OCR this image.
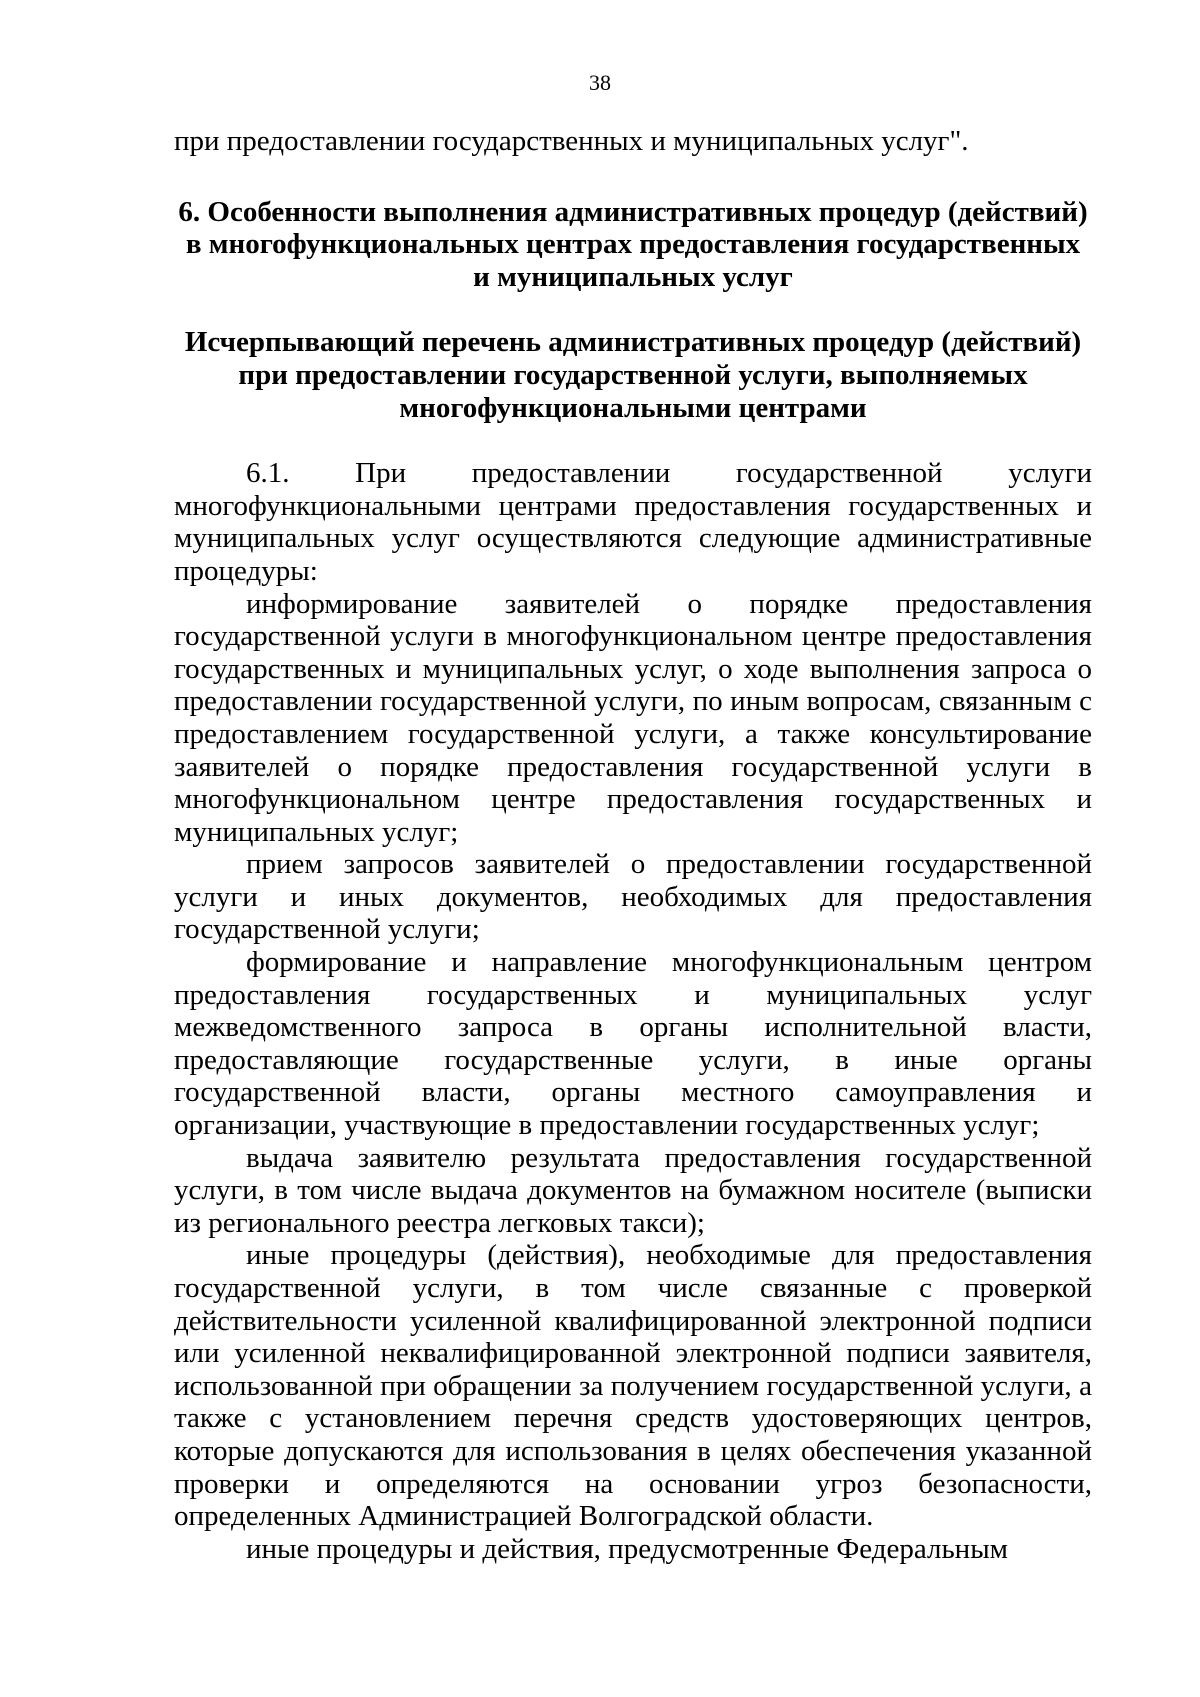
38

при предоставлении государственных и муниципальных услуг".

6. Особенности выполнения административных процедур (действий) в многофункциональных центрах предоставления государственных и муниципальных услуг
Исчерпывающий перечень административных процедур (действий) при предоставлении государственной услуги, выполняемых многофункциональными центрами

6.1. При предоставлении государственной услуги многофункциональными центрами предоставления государственных и муниципальных услуг осуществляются следующие административные процедуры:

информирование заявителей о порядке предоставления государственной услуги в многофункциональном центре предоставления государственных и муниципальных услуг, о ходе выполнения запроса о предоставлении государственной услуги, по иным вопросам, связанным с предоставлением государственной услуги, а также консультирование заявителей о порядке предоставления государственной услуги в многофункциональном центре предоставления государственных и муниципальных услуг;

прием запросов заявителей о предоставлении государственной услуги и иных документов, необходимых для предоставления государственной услуги;

формирование и направление многофункциональным центром предоставления государственных и муниципальных услуг межведомственного запроса в органы исполнительной власти, предоставляющие государственные услуги, в иные органы государственной власти, органы местного самоуправления и организации, участвующие в предоставлении государственных услуг;

выдача заявителю результата предоставления государственной услуги, в том числе выдача документов на бумажном носителе (выписки из регионального реестра легковых такси);

иные процедуры (действия), необходимые для предоставления государственной услуги, в том числе связанные с проверкой действительности усиленной квалифицированной электронной подписи или усиленной неквалифицированной электронной подписи заявителя, использованной при обращении за получением государственной услуги, а также с установлением перечня средств удостоверяющих центров, которые допускаются для использования в целях обеспечения указанной проверки и определяются на основании угроз безопасности, определенных Администрацией Волгоградской области.

иные процедуры и действия, предусмотренные Федеральным
